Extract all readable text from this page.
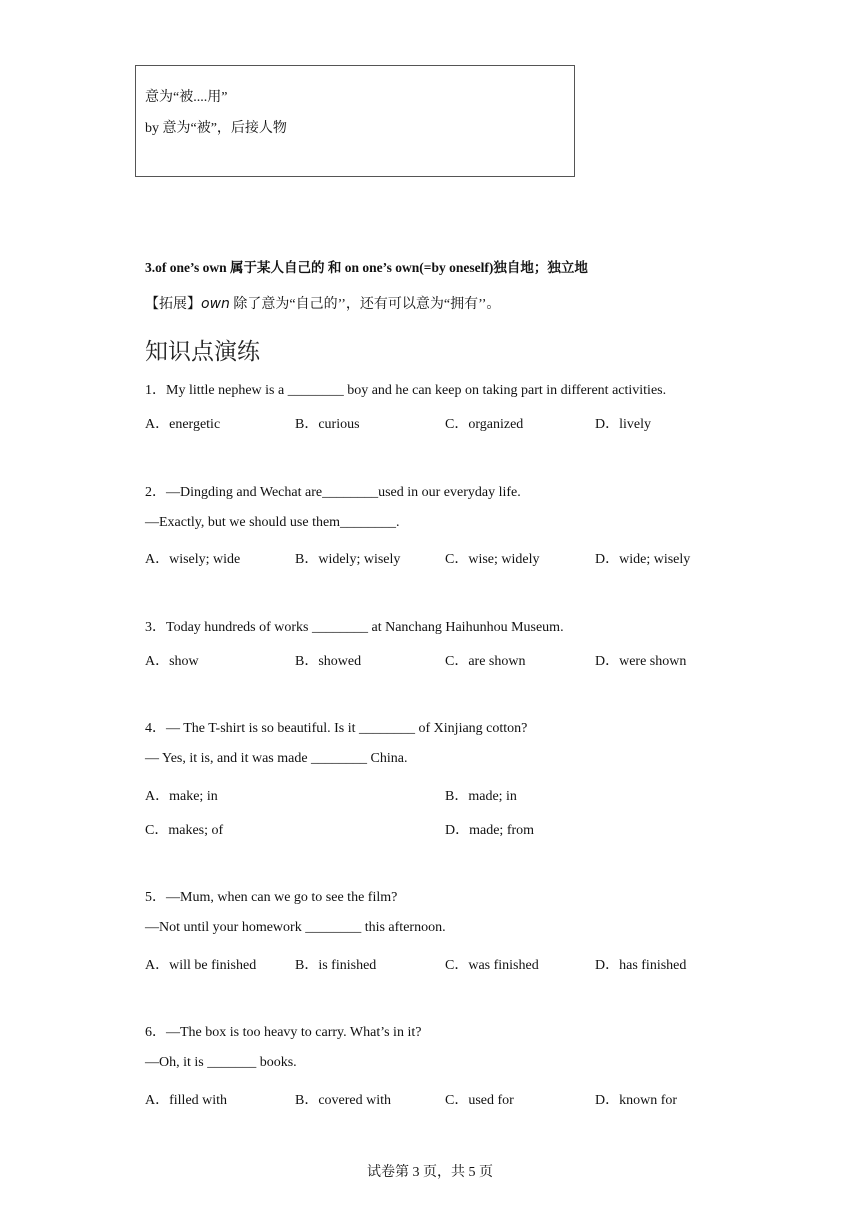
意为“被....用”
by 意为“被”，后接人物
3.of one’s own 属于某人自己的 和 on one’s own(=by oneself)独自地；独立地
【拓展】own 除了意为“自己的’’，还有可以意为“拥有’’。
知识点演练
1．My little nephew is a ________ boy and he can keep on taking part in different activities.
A．energetic	B．curious	C．organized	D．lively
2．—Dingding and Wechat are________used in our everyday life.
—Exactly, but we should use them________.
A．wisely; wide	B．widely; wisely	C．wise; widely	D．wide; wisely
3．Today hundreds of works ________ at Nanchang Haihunhou Museum.
A．show	B．showed	C．are shown	D．were shown
4．— The T-shirt is so beautiful. Is it ________ of Xinjiang cotton?
— Yes, it is, and it was made ________ China.
A．make; in	B．made; in
C．makes; of	D．made; from
5．—Mum, when can we go to see the film?
—Not until your homework ________ this afternoon.
A．will be finished	B．is finished	C．was finished	D．has finished
6．—The box is too heavy to carry. What’s in it?
—Oh, it is _______ books.
A．filled with	B．covered with	C．used for	D．known for
试卷第 3 页，共 5 页
